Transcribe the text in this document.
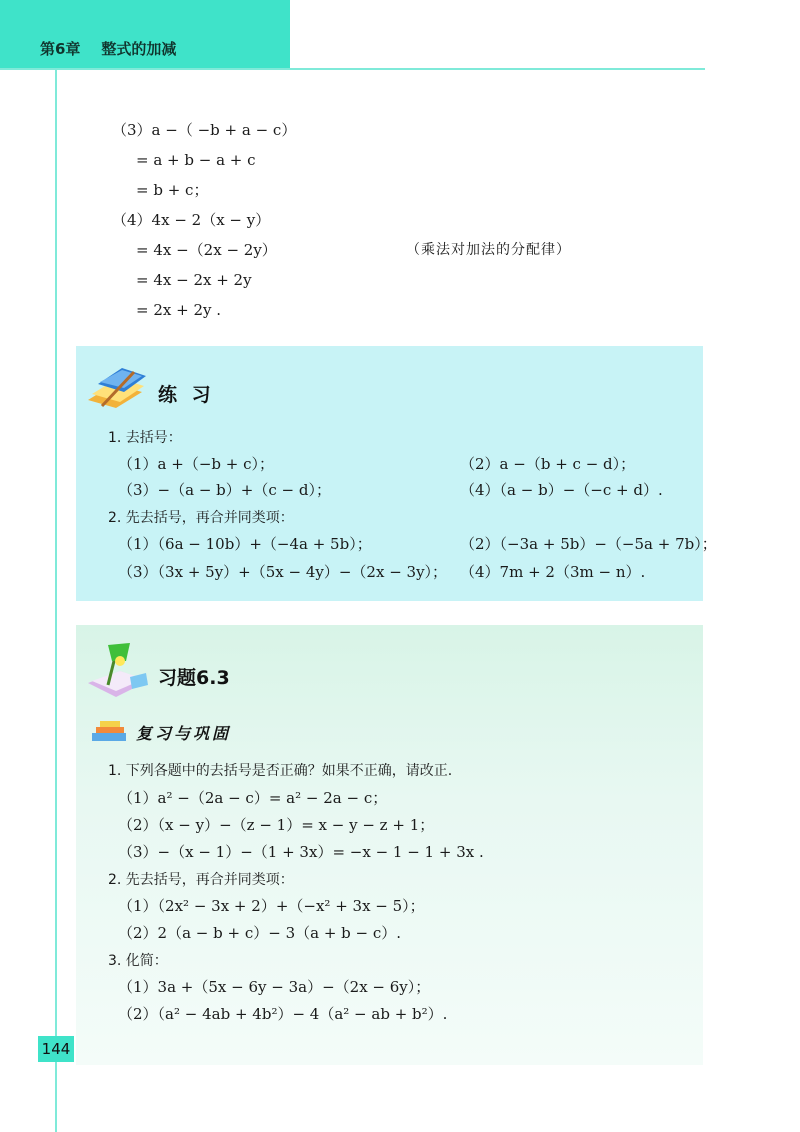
第6章 整式的加减
（3）a −（ −b + a − c）
= a + b − a + c
= b + c；
（4）4x − 2（x − y）
= 4x −（2x − 2y）
= 4x − 2x + 2y
= 2x + 2y .
（乘法对加法的分配律）
练 习
1. 去括号：
（1）a +（−b + c）；	（2）a −（b + c − d）；
（3）−（a − b）+（c − d）；	（4）（a − b）−（−c + d）.
2. 先去括号，再合并同类项：
（1）（6a − 10b）+（−4a + 5b）；	（2）（−3a + 5b）−（−5a + 7b）；
（3）（3x + 5y）+（5x − 4y）−（2x − 3y）； （4）7m + 2（3m − n）.
习题6.3
复习与巩固
1. 下列各题中的去括号是否正确？如果不正确，请改正.
（1）a² −（2a − c）= a² − 2a − c；
（2）（x − y）−（z − 1）= x − y − z + 1；
（3）−（x − 1）−（1 + 3x）= −x − 1 − 1 + 3x .
2. 先去括号，再合并同类项：
（1）（2x² − 3x + 2）+（−x² + 3x − 5）；
（2）2（a − b + c）− 3（a + b − c）.
3. 化简：
（1）3a +（5x − 6y − 3a）−（2x − 6y）；
（2）（a² − 4ab + 4b²）− 4（a² − ab + b²）.
144
